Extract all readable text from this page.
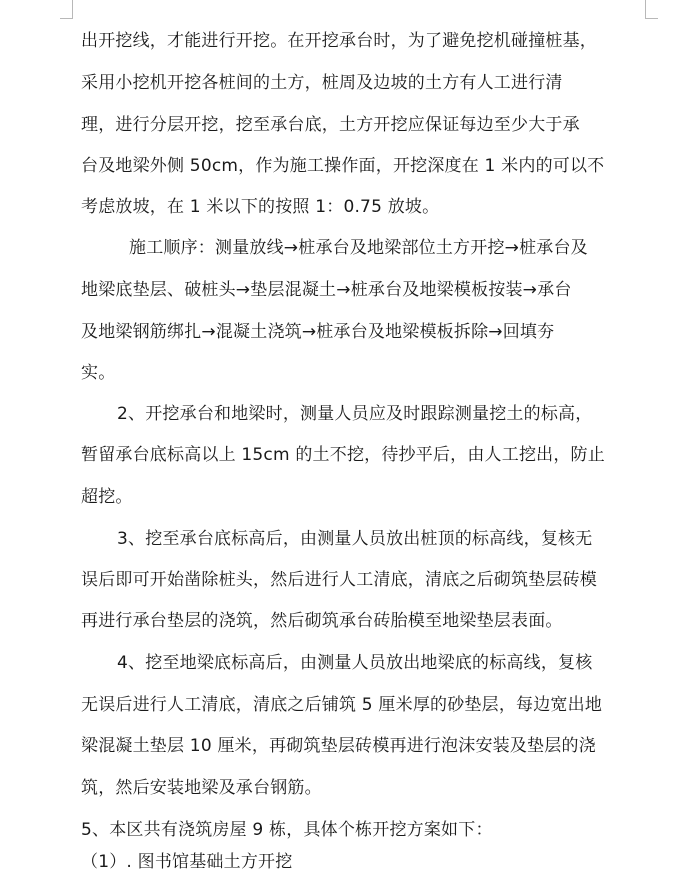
出开挖线，才能进行开挖。在开挖承台时，为了避免挖机碰撞桩基，
采用小挖机开挖各桩间的土方，桩周及边坡的土方有人工进行清
理，进行分层开挖，挖至承台底，土方开挖应保证每边至少大于承
台及地梁外侧 50cm，作为施工操作面，开挖深度在 1 米内的可以不
考虑放坡，在 1 米以下的按照 1：0.75 放坡。
施工顺序：测量放线→桩承台及地梁部位土方开挖→桩承台及
地梁底垫层、破桩头→垫层混凝土→桩承台及地梁模板按装→承台
及地梁钢筋绑扎→混凝土浇筑→桩承台及地梁模板拆除→回填夯
实。
2、开挖承台和地梁时，测量人员应及时跟踪测量挖土的标高，
暂留承台底标高以上 15cm 的土不挖，待抄平后，由人工挖出，防止
超挖。
3、挖至承台底标高后，由测量人员放出桩顶的标高线，复核无
误后即可开始凿除桩头，然后进行人工清底，清底之后砌筑垫层砖模
再进行承台垫层的浇筑，然后砌筑承台砖胎模至地梁垫层表面。
4、挖至地梁底标高后，由测量人员放出地梁底的标高线，复核
无误后进行人工清底，清底之后铺筑 5 厘米厚的砂垫层，每边宽出地
梁混凝土垫层 10 厘米，再砌筑垫层砖模再进行泡沫安装及垫层的浇
筑，然后安装地梁及承台钢筋。
5、本区共有浇筑房屋 9 栋，具体个栋开挖方案如下：
（1）. 图书馆基础土方开挖
